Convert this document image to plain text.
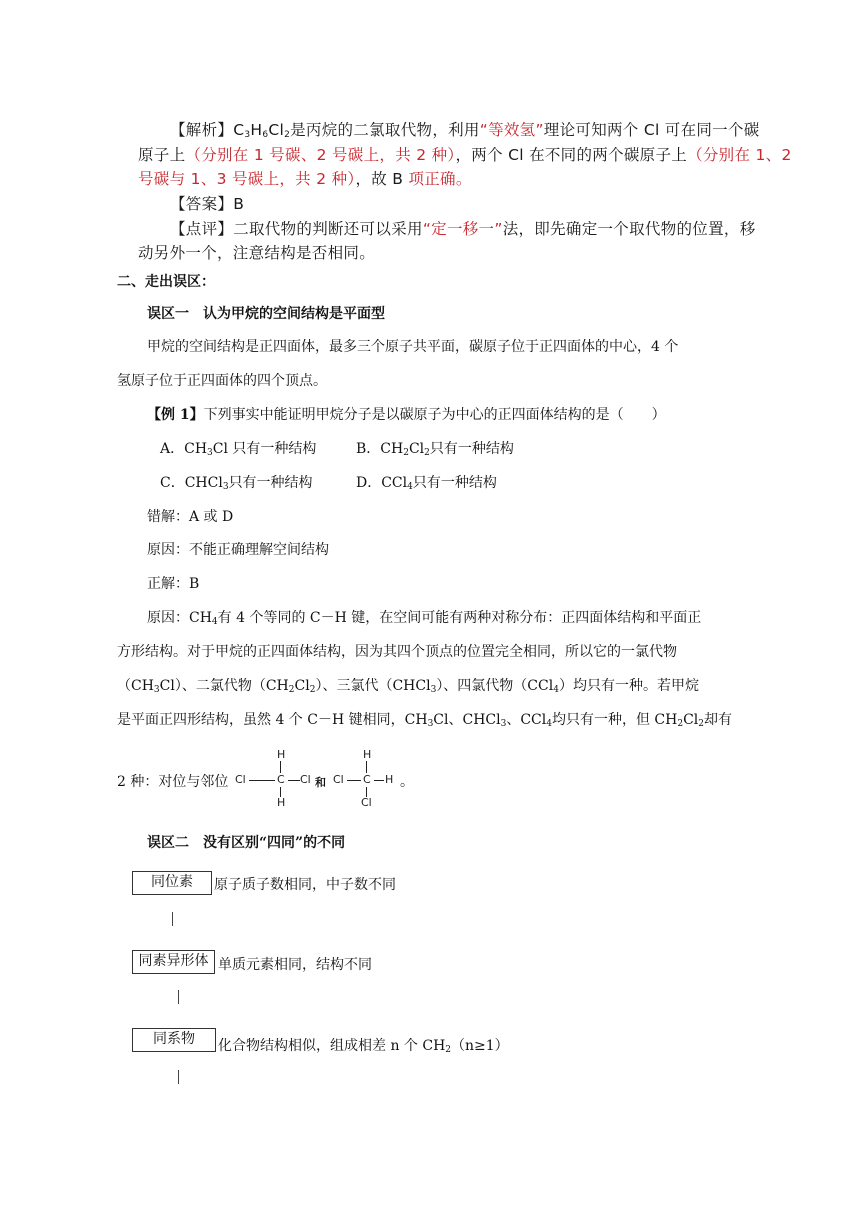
【解析】$C_3H_6Cl_2$是丙烷的二氯取代物，利用“等效氢”理论可知两个 Cl 可在同一个碳
原子上（分别在 1 号碳、2 号碳上，共 2 种），两个 Cl 在不同的两个碳原子上（分别在 1、2
号碳与 1、3 号碳上，共 2 种），故 B 项正确。
【答案】B
【点评】二取代物的判断还可以采用“定一移一”法，即先确定一个取代物的位置，移
动另外一个，注意结构是否相同。
二、走出误区：
误区一　认为甲烷的空间结构是平面型
甲烷的空间结构是正四面体，最多三个原子共平面，碳原子位于正四面体的中心，4 个
氢原子位于正四面体的四个顶点。
【例 1】下列事实中能证明甲烷分子是以碳原子为中心的正四面体结构的是（　　）
A．$CH_3Cl$ 只有一种结构	B．$CH_2Cl_2$只有一种结构
C．CHCl$_3$只有一种结构	D．CCl$_4$只有一种结构
错解：A 或 D
原因：不能正确理解空间结构
正解：B
原因：$CH_4$有 4 个等同的 C－H 键，在空间可能有两种对称分布：正四面体结构和平面正
方形结构。对于甲烷的正四面体结构，因为其四个顶点的位置完全相同，所以它的一氯代物
$(CH_3Cl)$、二氯代物$(CH_2Cl_2)$、三氯代（CHCl$_3$）、四氯代物（CCl$_4$）均只有一种。若甲烷
是平面正四形结构，虽然 4 个 C－H 键相同，$CH_3Cl$、CHCl$_3$、CCl$_4$均只有一种，但 $CH_2Cl_2$却有
2 种：对位与邻位
H
Cl	C Cl
H
和 Cl
H
C H
Cl
。
误区二　没有区别“四同”的不同
同位素	原子质子数相同，中子数不同
同素异形体 单质元素相同，结构不同
同系物	化合物结构相似，组成相差 n 个 $CH_2(n\ge 1)$
